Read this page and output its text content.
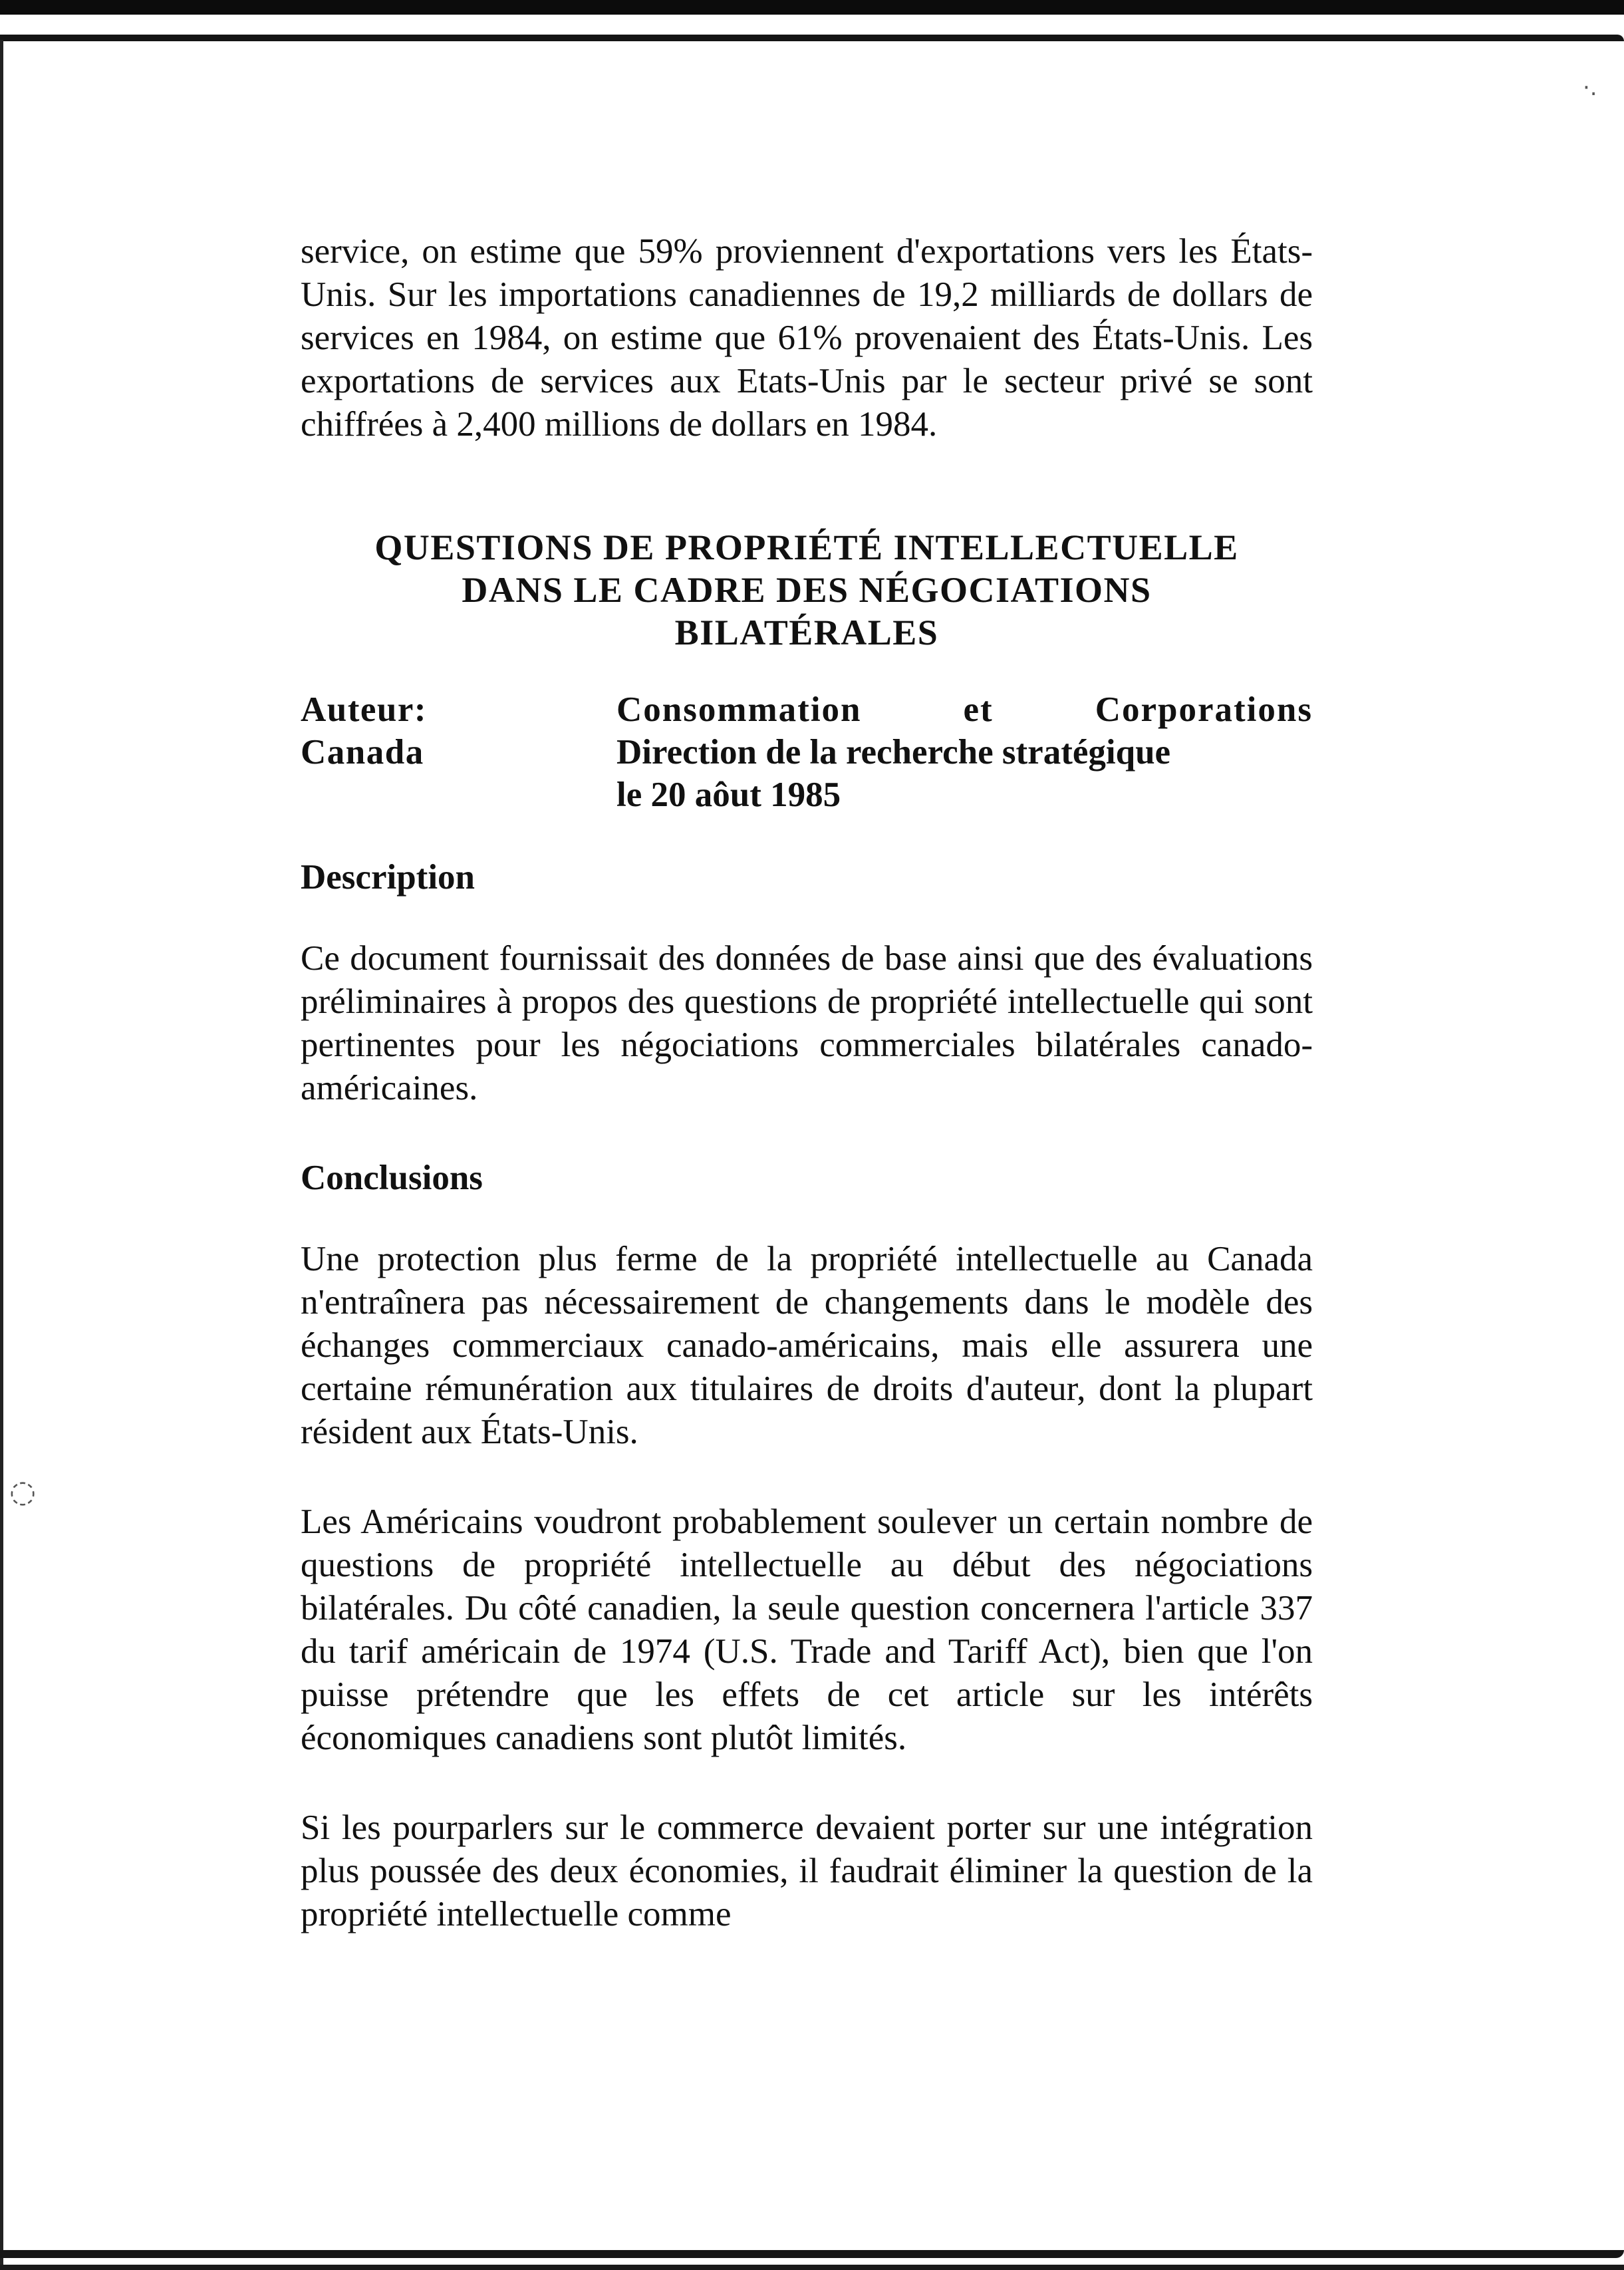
·.
◌

service, on estime que 59% proviennent d'exportations vers les États-Unis. Sur les importations canadiennes de 19,2 milliards de dollars de services en 1984, on estime que 61% provenaient des États-Unis. Les exportations de services aux Etats-Unis par le secteur privé se sont chiffrées à 2,400 millions de dollars en 1984.

QUESTIONS DE PROPRIÉTÉ INTELLECTUELLE
DANS LE CADRE DES NÉGOCIATIONS
BILATÉRALES
Auteur:
Canada
Consommation	et	Corporations
Direction de la recherche stratégique
le 20 aôut 1985
Description

Ce document fournissait des données de base ainsi que des évaluations préliminaires à propos des questions de propriété intellectuelle qui sont pertinentes pour les négociations commerciales bilatérales canado-américaines.

Conclusions

Une protection plus ferme de la propriété intellectuelle au Canada n'entraînera pas nécessairement de changements dans le modèle des échanges commerciaux canado-américains, mais elle assurera une certaine rémunération aux titulaires de droits d'auteur, dont la plupart résident aux États-Unis.

Les Américains voudront probablement soulever un certain nombre de questions de propriété intellectuelle au début des négociations bilatérales. Du côté canadien, la seule question concernera l'article 337 du tarif américain de 1974 (U.S. Trade and Tariff Act), bien que l'on puisse prétendre que les effets de cet article sur les intérêts économiques canadiens sont plutôt limités.

Si les pourparlers sur le commerce devaient porter sur une intégration plus poussée des deux économies, il faudrait éliminer la question de la propriété intellectuelle comme
